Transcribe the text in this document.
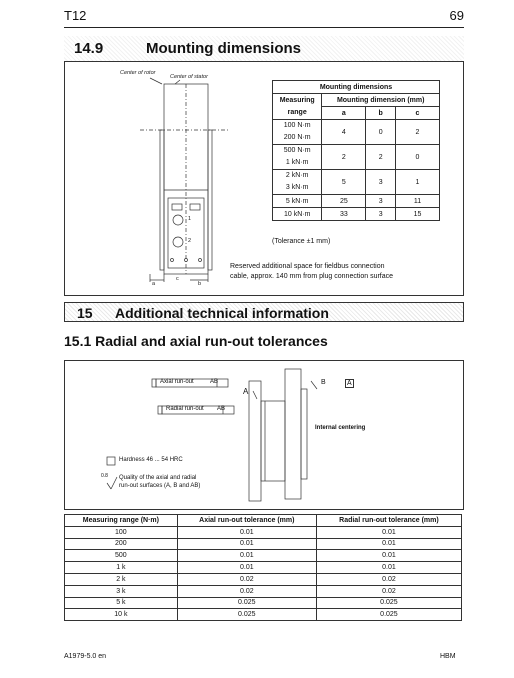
T12	69
14.9	Mounting dimensions
Center of rotor
Center of stator
1
2
a
c
b
Mounting dimensions			
Measuring
range	Mounting dimension (mm)		
	a	b	c
100 N·m
200 N·m	4	0	2
500 N·m
1 kN·m	2	2	0
2 kN·m
3 kN·m	5	3	1
5 kN·m	25	3	11
10 kN·m	33	3	15
(Tolerance ±1 mm)
Reserved additional space for fieldbus connection
cable, approx. 140 mm from plug connection surface
15 Additional technical information
15.1 Radial and axial run-out tolerances
Axial run-out	AB
Radial run-out AB
A
B	A
Internal centering
Hardness 46 ... 54 HRC
0.8 Quality of the axial and radial
run-out surfaces (A, B and AB)
Measuring range (N·m)	Axial run-out tolerance (mm)	Radial run-out tolerance (mm)
100	0.01	0.01
200	0.01	0.01
500	0.01	0.01
1 k	0.01	0.01
2 k	0.02	0.02
3 k	0.02	0.02
5 k	0.025	0.025
10 k	0.025	0.025
A1979-5.0 en	HBM
